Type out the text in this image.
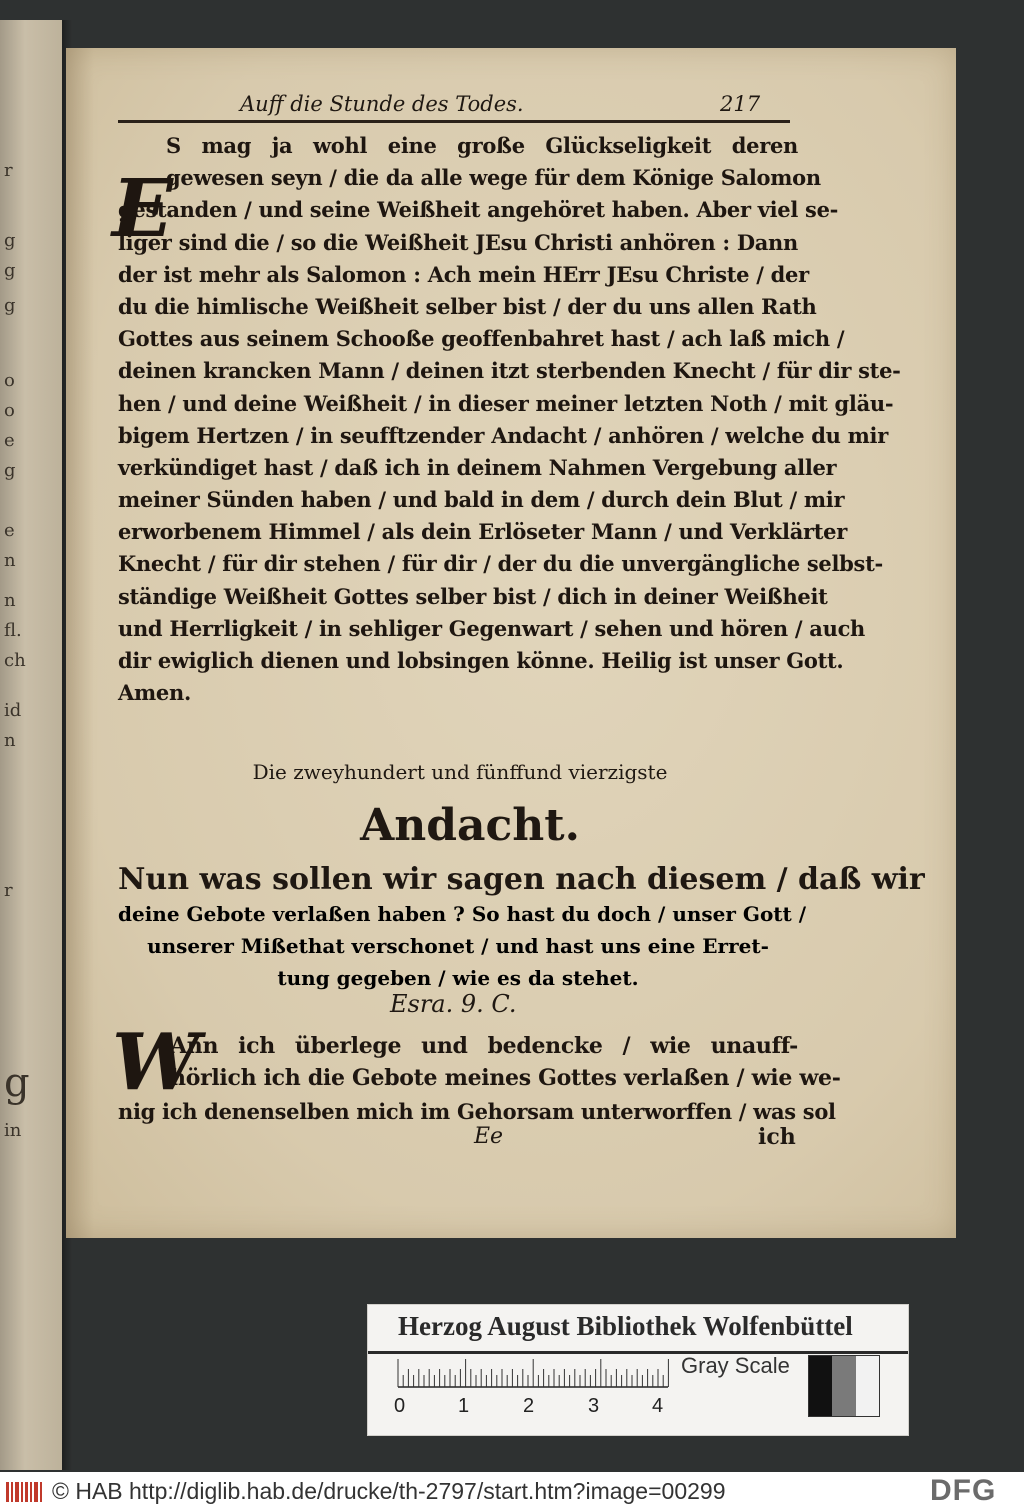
r
g
g
g
o
o
e
g
e
n
n
fl.
ch
id
n
r
g
in
Auff die Stunde des Todes.	217
E
S mag ja wohl eine große Glückseligkeit deren
gewesen seyn / die da alle wege für dem Könige Salomon
gestanden / und seine Weißheit angehöret haben. Aber viel se-
liger sind die / so die Weißheit JEsu Christi anhören : Dann
der ist mehr als Salomon : Ach mein HErr JEsu Christe / der
du die himlische Weißheit selber bist / der du uns allen Rath
Gottes aus seinem Schooße geoffenbahret hast / ach laß mich /
deinen krancken Mann / deinen itzt sterbenden Knecht / für dir ste-
hen / und deine Weißheit / in dieser meiner letzten Noth / mit gläu-
bigem Hertzen / in seufftzender Andacht / anhören / welche du mir
verkündiget hast / daß ich in deinem Nahmen Vergebung aller
meiner Sünden haben / und bald in dem / durch dein Blut / mir
erworbenem Himmel / als dein Erlöseter Mann / und Verklärter
Knecht / für dir stehen / für dir / der du die unvergängliche selbst-
ständige Weißheit Gottes selber bist / dich in deiner Weißheit
und Herrligkeit / in sehliger Gegenwart / sehen und hören / auch
dir ewiglich dienen und lobsingen könne. Heilig ist unser Gott.
Amen.
Die zweyhundert und fünffund vierzigste
Andacht.
Nun was sollen wir sagen nach diesem / daß wir
deine Gebote verlaßen haben ? So hast du doch / unser Gott /
unserer Mißethat verschonet / und hast uns eine Erret-
tung gegeben / wie es da stehet.
Esra. 9. C.
W
Ann ich überlege und bedencke / wie unauff-
hörlich ich die Gebote meines Gottes verlaßen / wie we-
nig ich denenselben mich im Gehorsam unterworffen / was sol
Ee	ich
Herzog August Bibliothek Wolfenbüttel
0	1	2	3	4
Gray Scale
© HAB http://diglib.hab.de/drucke/th-2797/start.htm?image=00299	DFG
